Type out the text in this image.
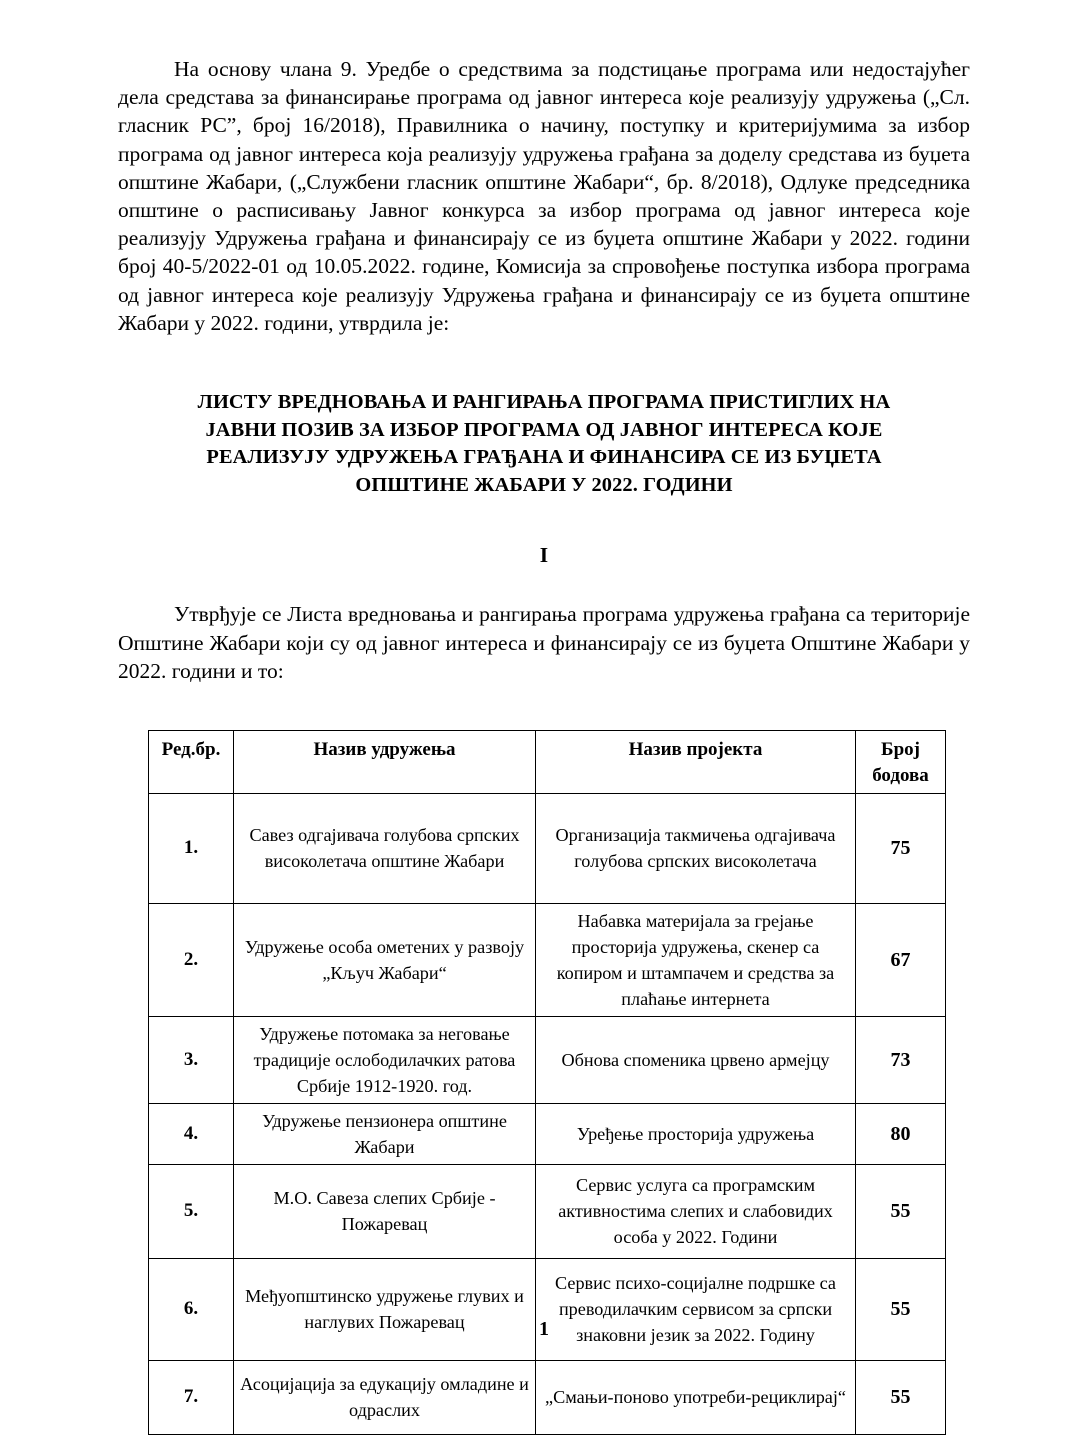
На основу члана 9. Уредбе о средствима за подстицање програма или недостајућег дела средстава за финансирање програма од јавног интереса које реализују удружења („Сл. гласник РС”, број 16/2018), Правилника о начину, поступку и критеријумима за избор програма од јавног интереса која реализују удружења грађана за доделу средстава из буџета општине Жабари, („Службени гласник општине Жабари“, бр. 8/2018), Одлуке председника општине о расписивању Јавног конкурса за избор програма од јавног интереса које реализују Удружења грађана и финансирају се из буџета општине Жабари у 2022. години број 40-5/2022-01 од 10.05.2022. године, Комисија за спровођење поступка избора програма од јавног интереса које реализују Удружења грађана и финансирају се из буџета општине Жабари у 2022. години, утврдила је:

ЛИСТУ ВРЕДНОВАЊА И РАНГИРАЊА ПРОГРАМА ПРИСТИГЛИХ НА
ЈАВНИ ПОЗИВ ЗА ИЗБОР ПРОГРАМА ОД ЈАВНОГ ИНТЕРЕСА КОЈЕ
РЕАЛИЗУЈУ УДРУЖЕЊА ГРАЂАНА И ФИНАНСИРА СЕ ИЗ БУЏЕТА
ОПШТИНЕ ЖАБАРИ У 2022. ГОДИНИ
I

Утврђује се Листа вредновања и рангирања програма удружења грађана са територије Општине Жабари који су од јавног интереса и финансирају се из буџета Општине Жабари у 2022. години и то:

Ред.бр.	Назив удружења	Назив пројекта	Број
бодова
1.	Савез одгајивача голубова српских високолетача општине Жабари	Организација такмичења одгајивача голубова српских високолетача	75
2.	Удружење особа ометених у развоју „Кључ Жабари“	Набавка материјала за грејање просторија удружења, скенер са копиром и штампачем и средства за плаћање интернета	67
3.	Удружење потомака за неговање традиције ослободилачких ратова Србије 1912-1920. год.	Обнова споменика црвено армејцу	73
4.	Удружење пензионера општине Жабари	Уређење просторија удружења	80
5.	М.О. Савеза слепих Србије - Пожаревац	Сервис услуга са програмским активностима слепих и слабовидих особа у 2022. Години	55
6.	Међуопштинско удружење глувих и наглувих Пожаревац	Сервис психо-социјалне подршке са преводилачким сервисом за српски знаковни језик за 2022. Годину	55
7.	Асоцијација за едукацију омладине и одраслих	„Смањи-поново употреби-рециклирај“	55
1
